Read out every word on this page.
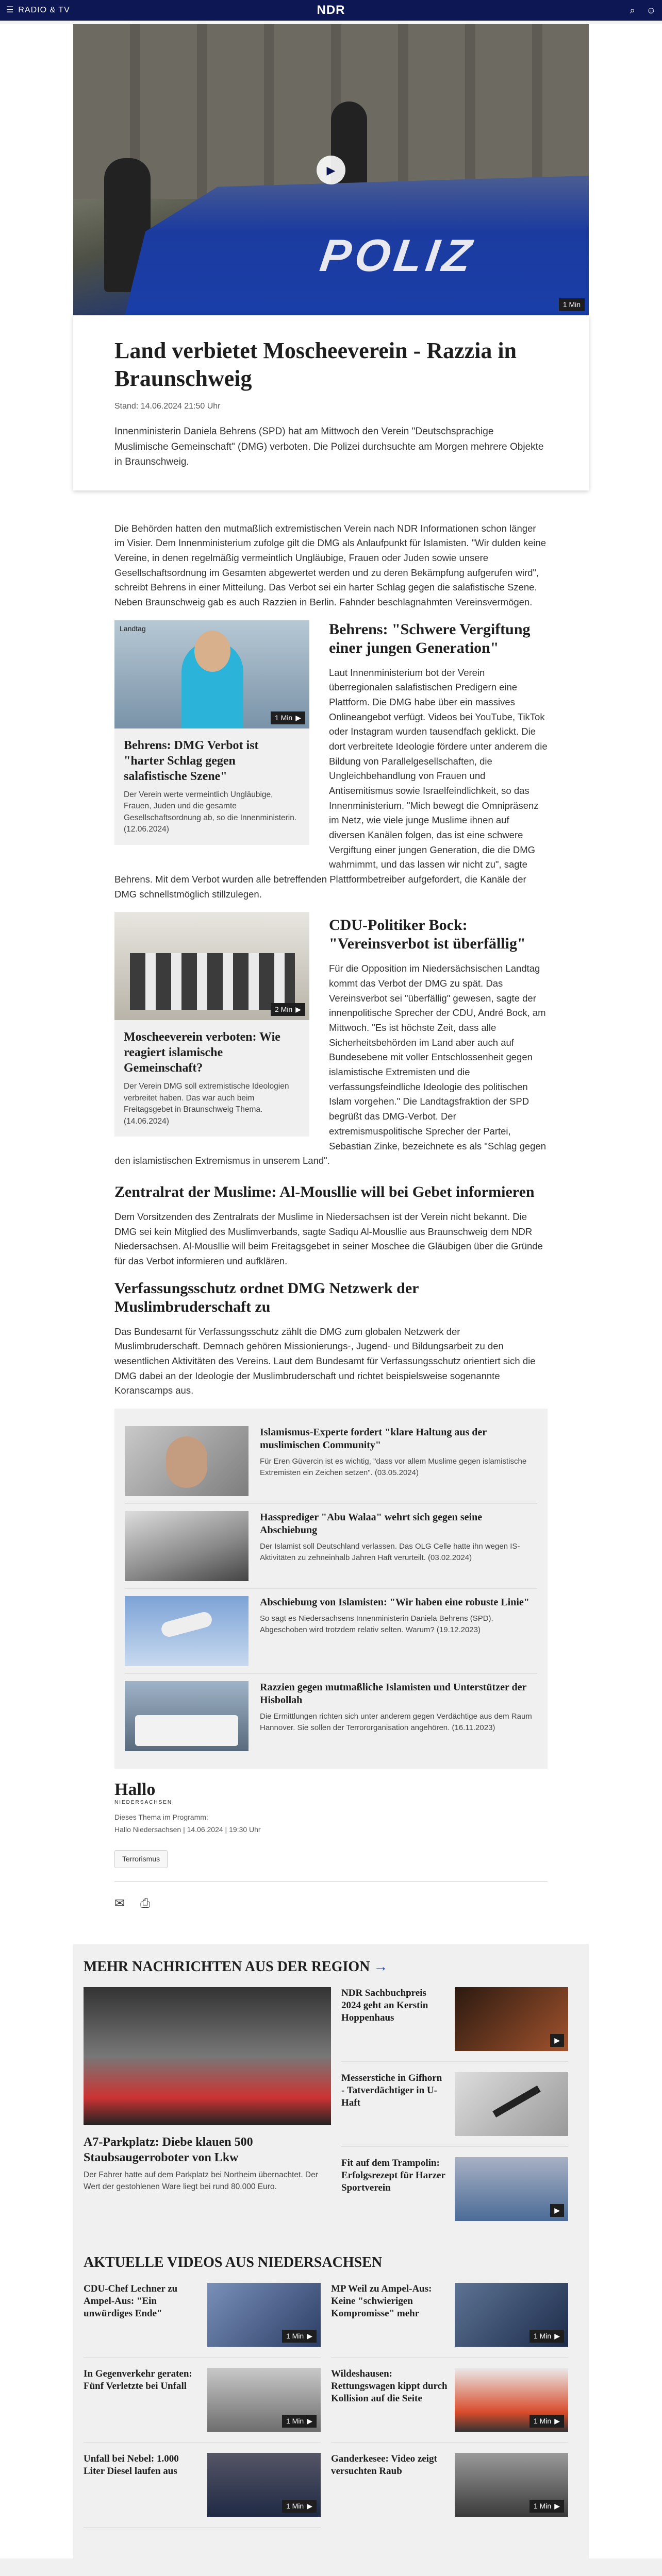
☰ RADIO & TV	NDR	⌕ ☺
POLIZ
▶
1 Min
Land verbietet Moscheeverein - Razzia in Braunschweig
Stand: 14.06.2024 21:50 Uhr

Innenministerin Daniela Behrens (SPD) hat am Mittwoch den Verein "Deutschsprachige Muslimische Gemeinschaft" (DMG) verboten. Die Polizei durchsuchte am Morgen mehrere Objekte in Braunschweig.

Die Behörden hatten den mutmaßlich extremistischen Verein nach NDR Informationen schon länger im Visier. Dem Innenministerium zufolge gilt die DMG als Anlaufpunkt für Islamisten. "Wir dulden keine Vereine, in denen regelmäßig vermeintlich Ungläubige, Frauen oder Juden sowie unsere Gesellschaftsordnung im Gesamten abgewertet werden und zu deren Bekämpfung aufgerufen wird", schreibt Behrens in einer Mitteilung. Das Verbot sei ein harter Schlag gegen die salafistische Szene. Neben Braunschweig gab es auch Razzien in Berlin. Fahnder beschlagnahmten Vereinsvermögen.

Landtag
1 Min ▶
Behrens: DMG Verbot ist "harter Schlag gegen salafistische Szene"

Der Verein werte vermeintlich Ungläubige, Frauen, Juden und die gesamte Gesellschaftsordnung ab, so die Innenministerin. (12.06.2024)

Behrens: "Schwere Vergiftung einer jungen Generation"

Laut Innenministerium bot der Verein überregionalen salafistischen Predigern eine Plattform. Die DMG habe über ein massives Onlineangebot verfügt. Videos bei YouTube, TikTok oder Instagram wurden tausendfach geklickt. Die dort verbreitete Ideologie fördere unter anderem die Bildung von Parallelgesellschaften, die Ungleichbehandlung von Frauen und Antisemitismus sowie Israelfeindlichkeit, so das Innenministerium. "Mich bewegt die Omnipräsenz im Netz, wie viele junge Muslime ihnen auf diversen Kanälen folgen, das ist eine schwere Vergiftung einer jungen Generation, die die DMG wahrnimmt, und das lassen wir nicht zu", sagte Behrens. Mit dem Verbot wurden alle betreffenden Plattformbetreiber aufgefordert, die Kanäle der DMG schnellstmöglich stillzulegen.

2 Min ▶
Moscheeverein verboten: Wie reagiert islamische Gemeinschaft?

Der Verein DMG soll extremistische Ideologien verbreitet haben. Das war auch beim Freitagsgebet in Braunschweig Thema. (14.06.2024)

CDU-Politiker Bock: "Vereinsverbot ist überfällig"

Für die Opposition im Niedersächsischen Landtag kommt das Verbot der DMG zu spät. Das Vereinsverbot sei "überfällig" gewesen, sagte der innenpolitische Sprecher der CDU, André Bock, am Mittwoch. "Es ist höchste Zeit, dass alle Sicherheitsbehörden im Land aber auch auf Bundesebene mit voller Entschlossenheit gegen islamistische Extremisten und die verfassungsfeindliche Ideologie des politischen Islam vorgehen." Die Landtagsfraktion der SPD begrüßt das DMG-Verbot. Der extremismuspolitische Sprecher der Partei, Sebastian Zinke, bezeichnete es als "Schlag gegen den islamistischen Extremismus in unserem Land".

Zentralrat der Muslime: Al-Mousllie will bei Gebet informieren

Dem Vorsitzenden des Zentralrats der Muslime in Niedersachsen ist der Verein nicht bekannt. Die DMG sei kein Mitglied des Muslimverbands, sagte Sadiqu Al-Mousllie aus Braunschweig dem NDR Niedersachsen. Al-Mousllie will beim Freitagsgebet in seiner Moschee die Gläubigen über die Gründe für das Verbot informieren und aufklären.

Verfassungsschutz ordnet DMG Netzwerk der Muslimbruderschaft zu

Das Bundesamt für Verfassungsschutz zählt die DMG zum globalen Netzwerk der Muslimbruderschaft. Demnach gehören Missionierungs-, Jugend- und Bildungsarbeit zu den wesentlichen Aktivitäten des Vereins. Laut dem Bundesamt für Verfassungsschutz orientiert sich die DMG dabei an der Ideologie der Muslimbruderschaft und richtet beispielsweise sogenannte Koranscamps aus.

Islamismus-Experte fordert "klare Haltung aus der muslimischen Community"

Für Eren Güvercin ist es wichtig, "dass vor allem Muslime gegen islamistische Extremisten ein Zeichen setzen". (03.05.2024)

Hassprediger "Abu Walaa" wehrt sich gegen seine Abschiebung

Der Islamist soll Deutschland verlassen. Das OLG Celle hatte ihn wegen IS-Aktivitäten zu zehneinhalb Jahren Haft verurteilt. (03.02.2024)

Abschiebung von Islamisten: "Wir haben eine robuste Linie"

So sagt es Niedersachsens Innenministerin Daniela Behrens (SPD). Abgeschoben wird trotzdem relativ selten. Warum? (19.12.2023)

Razzien gegen mutmaßliche Islamisten und Unterstützer der Hisbollah

Die Ermittlungen richten sich unter anderem gegen Verdächtige aus dem Raum Hannover. Sie sollen der Terrororganisation angehören. (16.11.2023)

Hallo
NIEDERSACHSEN
Dieses Thema im Programm:
Hallo Niedersachsen | 14.06.2024 | 19:30 Uhr
Terrorismus
✉ ⎙
MEHR NACHRICHTEN AUS DER REGION →
A7-Parkplatz: Diebe klauen 500 Staubsaugerroboter von Lkw

Der Fahrer hatte auf dem Parkplatz bei Northeim übernachtet. Der Wert der gestohlenen Ware liegt bei rund 80.000 Euro.

NDR Sachbuchpreis 2024 geht an Kerstin Hoppenhaus
▶
Messerstiche in Gifhorn - Tatverdächtiger in U-Haft
Fit auf dem Trampolin: Erfolgsrezept für Harzer Sportverein
▶
AKTUELLE VIDEOS AUS NIEDERSACHSEN
CDU-Chef Lechner zu Ampel-Aus: "Ein unwürdiges Ende"
1 Min ▶
MP Weil zu Ampel-Aus: Keine "schwierigen Kompromisse" mehr
1 Min ▶
In Gegenverkehr geraten: Fünf Verletzte bei Unfall
1 Min ▶
Wildeshausen: Rettungswagen kippt durch Kollision auf die Seite
1 Min ▶
Unfall bei Nebel: 1.000 Liter Diesel laufen aus
1 Min ▶
Ganderkesee: Video zeigt versuchten Raub
1 Min ▶
